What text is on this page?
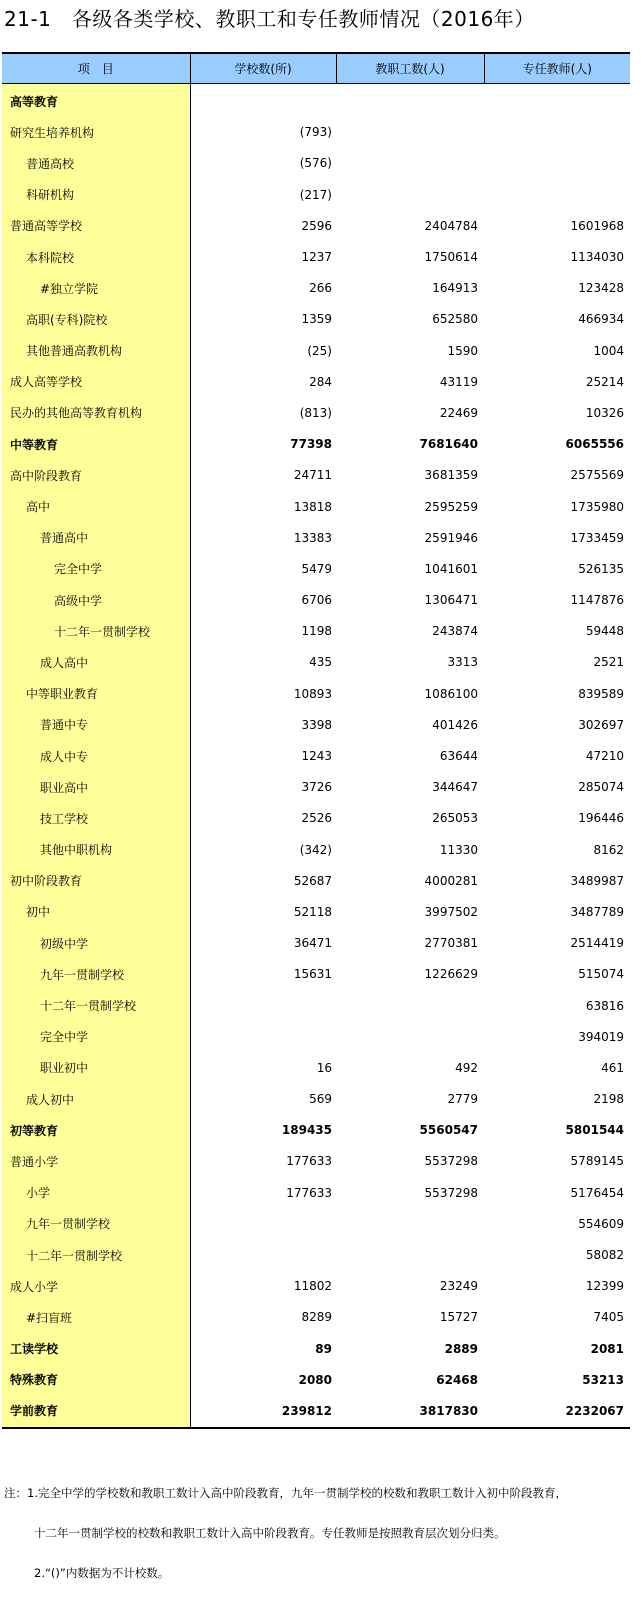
21-1　各级各类学校、教职工和专任教师情况（2016年）
项　目	学校数(所)	教职工数(人)	专任教师(人)
高等教育			
研究生培养机构	(793)		
普通高校	(576)		
科研机构	(217)		
普通高等学校	2596	2404784	1601968
本科院校	1237	1750614	1134030
#独立学院	266	164913	123428
高职(专科)院校	1359	652580	466934
其他普通高教机构	(25)	1590	1004
成人高等学校	284	43119	25214
民办的其他高等教育机构	(813)	22469	10326
中等教育	77398	7681640	6065556
高中阶段教育	24711	3681359	2575569
高中	13818	2595259	1735980
普通高中	13383	2591946	1733459
完全中学	5479	1041601	526135
高级中学	6706	1306471	1147876
十二年一贯制学校	1198	243874	59448
成人高中	435	3313	2521
中等职业教育	10893	1086100	839589
普通中专	3398	401426	302697
成人中专	1243	63644	47210
职业高中	3726	344647	285074
技工学校	2526	265053	196446
其他中职机构	(342)	11330	8162
初中阶段教育	52687	4000281	3489987
初中	52118	3997502	3487789
初级中学	36471	2770381	2514419
九年一贯制学校	15631	1226629	515074
十二年一贯制学校			63816
完全中学			394019
职业初中	16	492	461
成人初中	569	2779	2198
初等教育	189435	5560547	5801544
普通小学	177633	5537298	5789145
小学	177633	5537298	5176454
九年一贯制学校			554609
十二年一贯制学校			58082
成人小学	11802	23249	12399
#扫盲班	8289	15727	7405
工读学校	89	2889	2081
特殊教育	2080	62468	53213
学前教育	239812	3817830	2232067
注：1.完全中学的学校数和教职工数计入高中阶段教育，九年一贯制学校的校数和教职工数计入初中阶段教育，
十二年一贯制学校的校数和教职工数计入高中阶段教育。专任教师是按照教育层次划分归类。
2.“()”内数据为不计校数。
